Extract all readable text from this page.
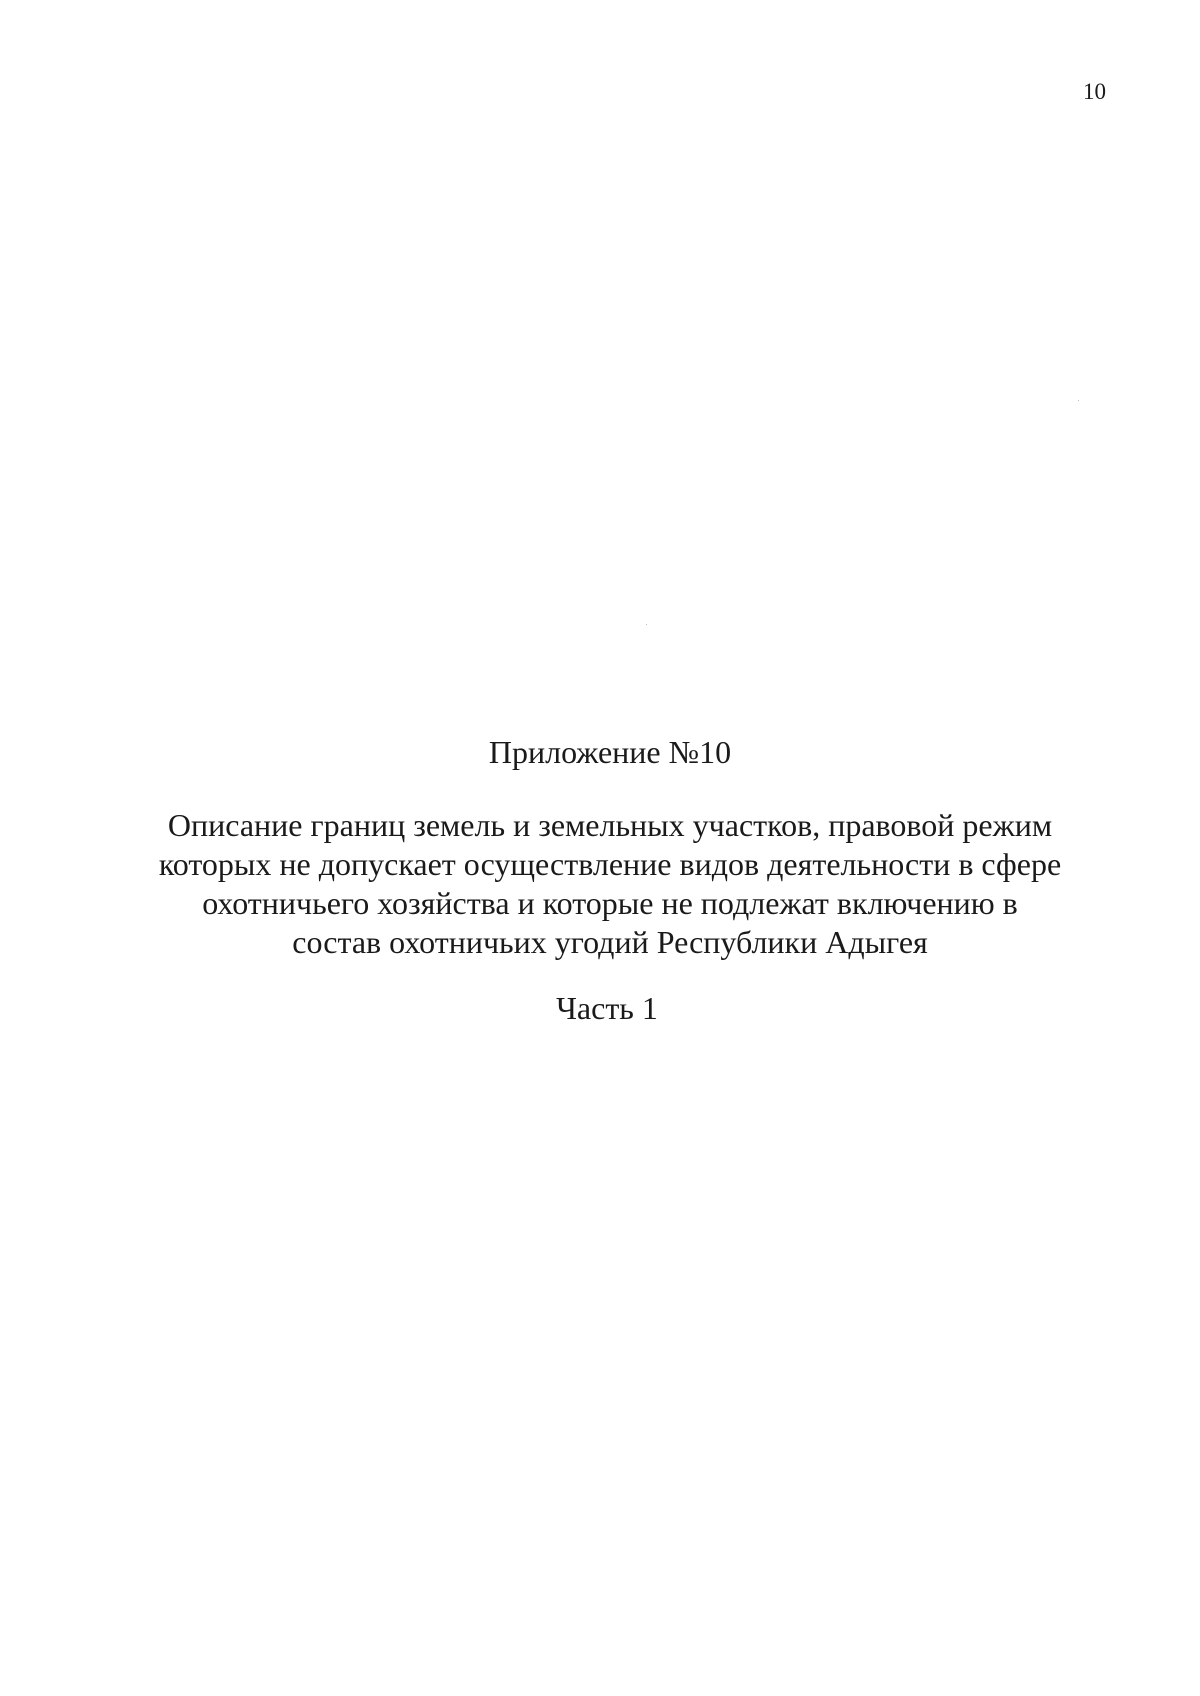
10
Приложение №10
Описание границ земель и земельных участков, правовой режим
которых не допускает осуществление видов деятельности в сфере
охотничьего хозяйства и которые не подлежат включению в
состав охотничьих угодий Республики Адыгея
Часть 1
